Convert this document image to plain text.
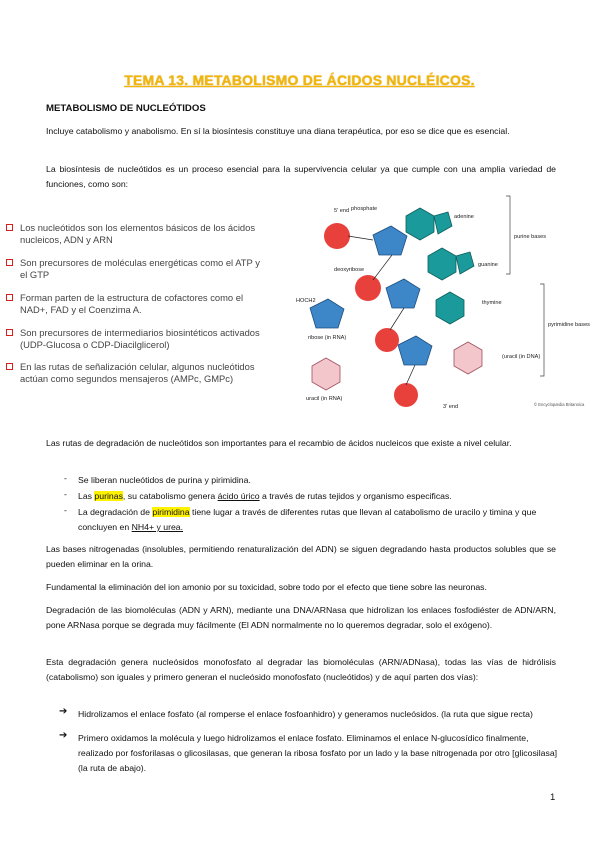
TEMA 13. METABOLISMO DE ÁCIDOS NUCLÉICOS.
METABOLISMO DE NUCLEÓTIDOS
Incluye catabolismo y anabolismo. En sí la biosíntesis constituye una diana terapéutica, por eso se dice que es esencial.
La biosíntesis de nucleótidos es un proceso esencial para la supervivencia celular ya que cumple con una amplia variedad de funciones, como son:
Los nucleótidos son los elementos básicos de los ácidos nucleicos, ADN y ARN
Son precursores de moléculas energéticas como el ATP y el GTP
Forman parten de la estructura de cofactores como el NAD+, FAD y el Coenzima A.
Son precursores de intermediarios biosintéticos activados (UDP-Glucosa o CDP-Diacilglicerol)
En las rutas de señalización celular, algunos nucleótidos actúan como segundos mensajeros (AMPc, GMPc)
5' end phosphate
deoxyribose
adenine
guanine
purine bases
thymine
pyrimidine bases
(uracil (in DNA)
HOCH2
ribose (in RNA)
uracil (in RNA)
3' end	© Encyclopædia Britannica
Las rutas de degradación de nucleótidos son importantes para el recambio de ácidos nucleicos que existe a nivel celular.
- Se liberan nucleótidos de purina y pirimidina.
- Las purinas, su catabolismo genera ácido úrico a través de rutas tejidos y organismo especificas.
- La degradación de pirimidina tiene lugar a través de diferentes rutas que llevan al catabolismo de uracilo y timina y que concluyen en NH4+ y urea.
Las bases nitrogenadas (insolubles, permitiendo renaturalización del ADN) se siguen degradando hasta productos solubles que se pueden eliminar en la orina.
Fundamental la eliminación del ion amonio por su toxicidad, sobre todo por el efecto que tiene sobre las neuronas.
Degradación de las biomoléculas (ADN y ARN), mediante una DNA/ARNasa que hidrolizan los enlaces fosfodiéster de ADN/ARN, pone ARNasa porque se degrada muy fácilmente (El ADN normalmente no lo queremos degradar, solo el exógeno).
Esta degradación genera nucleósidos monofosfato al degradar las biomoléculas (ARN/ADNasa), todas las vías de hidrólisis (catabolismo) son iguales y primero generan el nucleósido monofosfato (nucleótidos) y de aquí parten dos vías):
➔ Hidrolizamos el enlace fosfato (al romperse el enlace fosfoanhidro) y generamos nucleósidos. (la ruta que sigue recta)
➔ Primero oxidamos la molécula y luego hidrolizamos el enlace fosfato. Eliminamos el enlace N-glucosídico finalmente, realizado por fosforilasas o glicosilasas, que generan la ribosa fosfato por un lado y la base nitrogenada por otro [glicosilasa] (la ruta de abajo).
1
